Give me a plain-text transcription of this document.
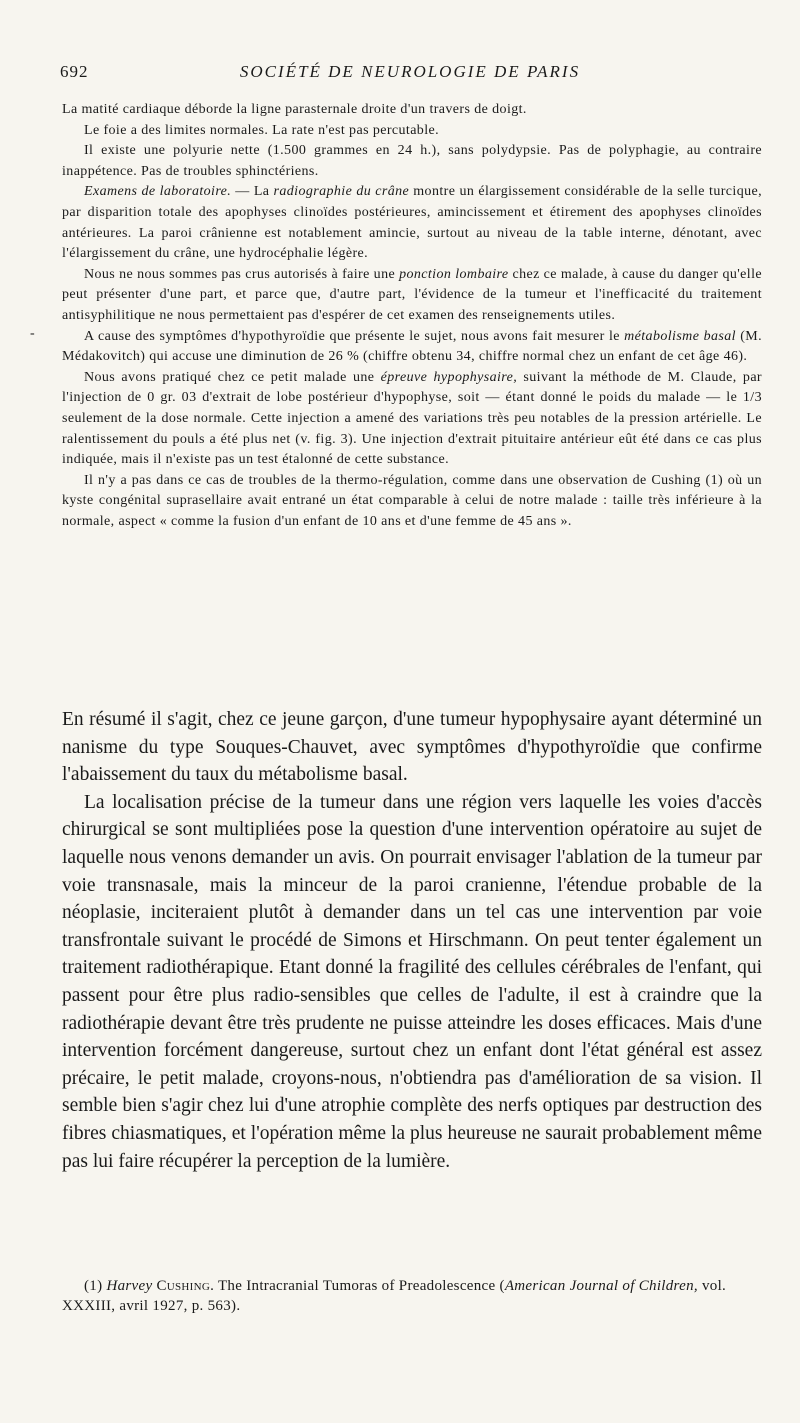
692	SOCIÉTÉ DE NEUROLOGIE DE PARIS
-

La matité cardiaque déborde la ligne parasternale droite d'un travers de doigt.

Le foie a des limites normales. La rate n'est pas percutable.

Il existe une polyurie nette (1.500 grammes en 24 h.), sans polydypsie. Pas de polyphagie, au contraire inappétence. Pas de troubles sphinctériens.

Examens de laboratoire. — La radiographie du crâne montre un élargissement considérable de la selle turcique, par disparition totale des apophyses clinoïdes postérieures, amincissement et étirement des apophyses clinoïdes antérieures. La paroi crânienne est notablement amincie, surtout au niveau de la table interne, dénotant, avec l'élargissement du crâne, une hydrocéphalie légère.

Nous ne nous sommes pas crus autorisés à faire une ponction lombaire chez ce malade, à cause du danger qu'elle peut présenter d'une part, et parce que, d'autre part, l'évidence de la tumeur et l'inefficacité du traitement antisyphilitique ne nous permettaient pas d'espérer de cet examen des renseignements utiles.

A cause des symptômes d'hypothyroïdie que présente le sujet, nous avons fait mesurer le métabolisme basal (M. Médakovitch) qui accuse une diminution de 26 % (chiffre obtenu 34, chiffre normal chez un enfant de cet âge 46).

Nous avons pratiqué chez ce petit malade une épreuve hypophysaire, suivant la méthode de M. Claude, par l'injection de 0 gr. 03 d'extrait de lobe postérieur d'hypophyse, soit — étant donné le poids du malade — le 1/3 seulement de la dose normale. Cette injection a amené des variations très peu notables de la pression artérielle. Le ralentissement du pouls a été plus net (v. fig. 3). Une injection d'extrait pituitaire antérieur eût été dans ce cas plus indiquée, mais il n'existe pas un test étalonné de cette substance.

Il n'y a pas dans ce cas de troubles de la thermo-régulation, comme dans une observation de Cushing (1) où un kyste congénital suprasellaire avait entrané un état comparable à celui de notre malade : taille très inférieure à la normale, aspect « comme la fusion d'un enfant de 10 ans et d'une femme de 45 ans ».

En résumé il s'agit, chez ce jeune garçon, d'une tumeur hypophysaire ayant déterminé un nanisme du type Souques-Chauvet, avec symptômes d'hypothyroïdie que confirme l'abaissement du taux du métabolisme basal.

La localisation précise de la tumeur dans une région vers laquelle les voies d'accès chirurgical se sont multipliées pose la question d'une intervention opératoire au sujet de laquelle nous venons demander un avis. On pourrait envisager l'ablation de la tumeur par voie transnasale, mais la minceur de la paroi cranienne, l'étendue probable de la néoplasie, inciteraient plutôt à demander dans un tel cas une intervention par voie transfrontale suivant le procédé de Simons et Hirschmann. On peut tenter également un traitement radiothérapique. Etant donné la fragilité des cellules cérébrales de l'enfant, qui passent pour être plus radio-sensibles que celles de l'adulte, il est à craindre que la radiothérapie devant être très prudente ne puisse atteindre les doses efficaces. Mais d'une intervention forcément dangereuse, surtout chez un enfant dont l'état général est assez précaire, le petit malade, croyons-nous, n'obtiendra pas d'amélioration de sa vision. Il semble bien s'agir chez lui d'une atrophie complète des nerfs optiques par destruction des fibres chiasmatiques, et l'opération même la plus heureuse ne saurait probablement même pas lui faire récupérer la perception de la lumière.

(1) Harvey Cushing. The Intracranial Tumoras of Preadolescence (American Journal of Children, vol. XXXIII, avril 1927, p. 563).
